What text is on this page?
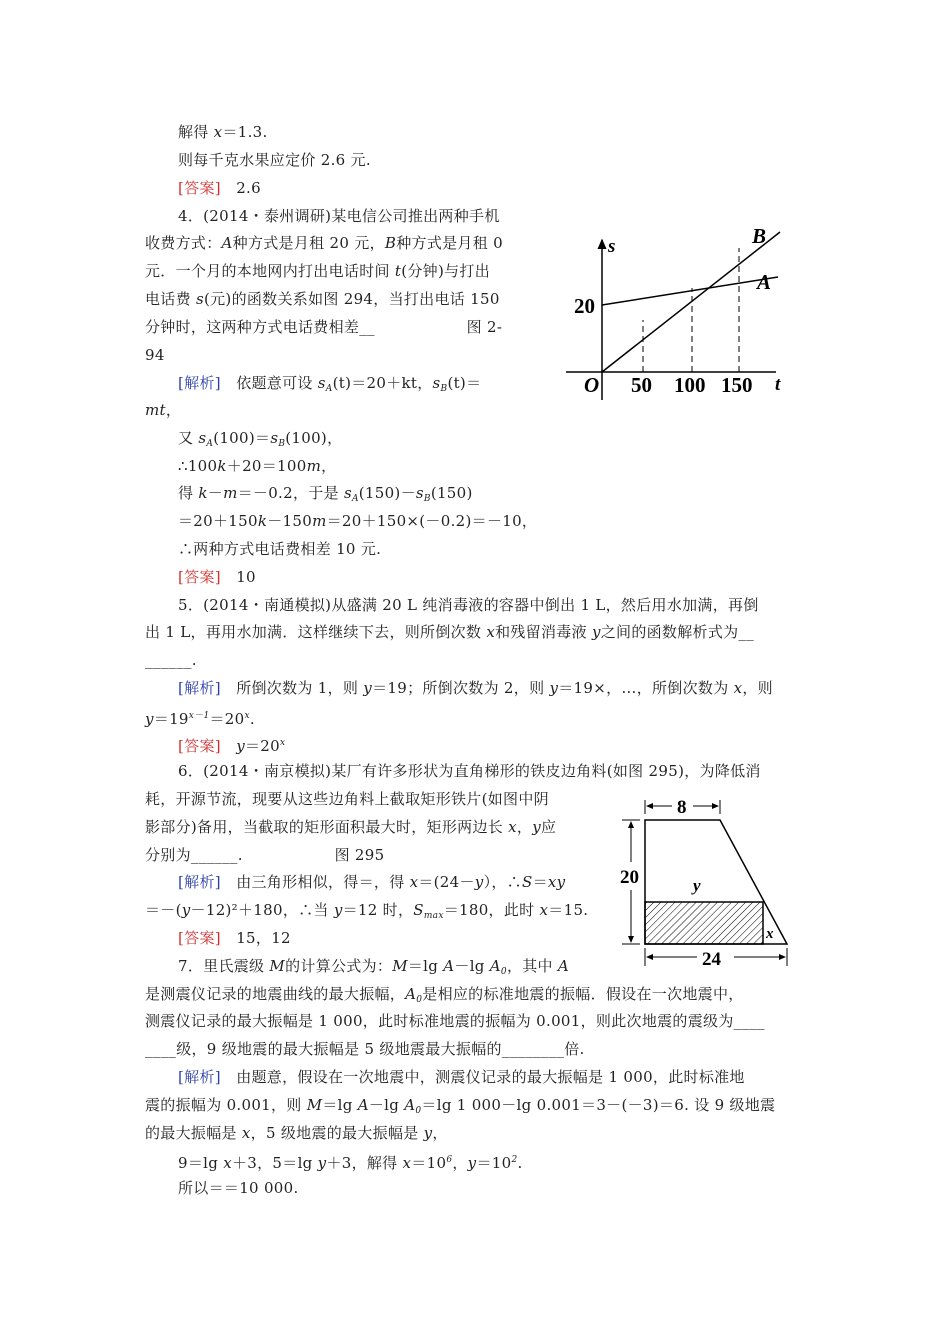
解得 x＝1.3.
则每千克水果应定价 2.6 元.
[答案]　2.6
4．(2014・泰州调研)某电信公司推出两种手机
收费方式：A种方式是月租 20 元，B种方式是月租 0
元．一个月的本地网内打出电话时间 t(分钟)与打出
电话费 s(元)的函数关系如图 294，当打出电话 150
分钟时，这两种方式电话费相差__　　　　　　图 2-
94
[解析]　依题意可设 $s_A(t)=20+kt$，$s_B(t)=$
mt，
又 $s_A(100)=s_B(100)$，
∴100k＋20＝100m，
得 k－m＝－0.2，于是 $s_A(150)-s_B(150)$
＝20＋150k－150m＝20＋150×(－0.2)＝－10，
∴两种方式电话费相差 10 元.
[答案]　10
5．(2014・南通模拟)从盛满 20 L 纯消毒液的容器中倒出 1 L，然后用水加满，再倒
出 1 L，再用水加满．这样继续下去，则所倒次数 x和残留消毒液 y之间的函数解析式为__
______.
[解析]　所倒次数为 1，则 y＝19；所倒次数为 2，则 y＝19×，…，所倒次数为 x，则
$y=19^{x-1}=20^x$.
[答案]　 $y=20^x$
6．(2014・南京模拟)某厂有许多形状为直角梯形的铁皮边角料(如图 295)，为降低消
耗，开源节流，现要从这些边角料上截取矩形铁片(如图中阴
影部分)备用，当截取的矩形面积最大时，矩形两边长 x，y应
分别为______.　　　　　　图 295
[解析]　由三角形相似，得＝，得 x＝(24－y），∴S＝xy
＝－(y－12)²＋180，∴当 y＝12 时，$S_{max}=180$，此时 x＝15.
[答案]　15，12
7．里氏震级 M的计算公式为：M＝lg A－lg $A_0$，其中 A
是测震仪记录的地震曲线的最大振幅，$A_0$是相应的标准地震的振幅．假设在一次地震中，
测震仪记录的最大振幅是 1 000，此时标准地震的振幅为 0.001，则此次地震的震级为____
____级，9 级地震的最大振幅是 5 级地震最大振幅的________倍.
[解析]　由题意，假设在一次地震中，测震仪记录的最大振幅是 1 000，此时标准地
震的振幅为 0.001，则 M＝lg A－lg $A_0=\lg$ 1 000－lg 0.001＝3－(－3)＝6. 设 9 级地震
的最大振幅是 x，5 级地震的最大振幅是 y，
9＝lg x＋3，5＝lg y＋3，解得 $x=10^6$，$y=10^2$.
所以＝＝10 000.
s
t
O
20
50 100 150
B
A
8
20
24
y
x
